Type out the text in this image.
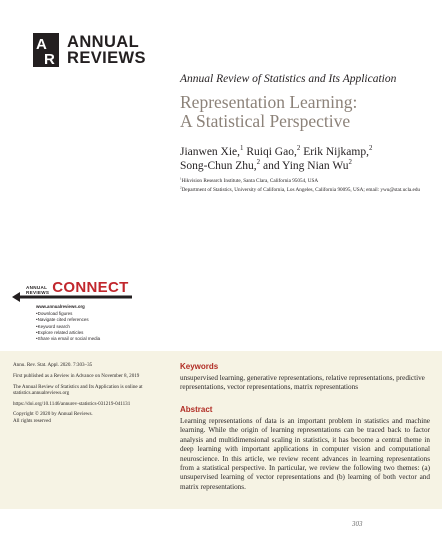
A
R
ANNUAL
REVIEWS
Annual Review of Statistics and Its Application
Representation Learning:
A Statistical Perspective
Jianwen Xie,$^1$ Ruiqi Gao,$^2$ Erik Nijkamp,$^2$
Song-Chun Zhu,$^2$ and Ying Nian Wu$^2$

$^1$Hikvision Research Institute, Santa Clara, California 95054, USA

$^2$Department of Statistics, University of California, Los Angeles, California 90095, USA; email: ywu@stat.ucla.edu

ANNUAL
REVIEWS CONNECT
www.annualreviews.org
• Download figures
• Navigate cited references
• Keyword search
• Explore related articles
• Share via email or social media

Annu. Rev. Stat. Appl. 2020. 7:303–35

First published as a Review in Advance on November 8, 2019

The Annual Review of Statistics and Its Application is online at statistics.annualreviews.org

https://doi.org/10.1146/annurev-statistics-031219-041131

Copyright © 2020 by Annual Reviews.

All rights reserved

Keywords
unsupervised learning, generative representations, relative representations, predictive representations, vector representations, matrix representations
Abstract
Learning representations of data is an important problem in statistics and machine learning. While the origin of learning representations can be traced back to factor analysis and multidimensional scaling in statistics, it has become a central theme in deep learning with important applications in computer vision and computational neuroscience. In this article, we review recent advances in learning representations from a statistical perspective. In particular, we review the following two themes: (a) unsupervised learning of vector representations and (b) learning of both vector and matrix representations.
303
